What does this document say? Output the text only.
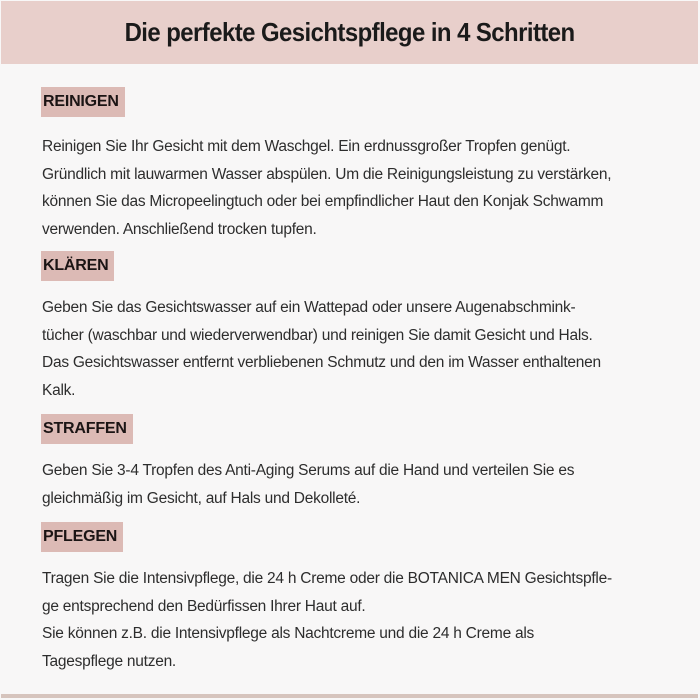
Die perfekte Gesichtspflege in 4 Schritten
REINIGEN

Reinigen Sie Ihr Gesicht mit dem Waschgel. Ein erdnussgroßer Tropfen genügt.
Gründlich mit lauwarmen Wasser abspülen. Um die Reinigungsleistung zu verstärken,
können Sie das Micropeelingtuch oder bei empfindlicher Haut den Konjak Schwamm
verwenden. Anschließend trocken tupfen.

KLÄREN

Geben Sie das Gesichtswasser auf ein Wattepad oder unsere Augenabschmink-
tücher (waschbar und wiederverwendbar) und reinigen Sie damit Gesicht und Hals.
Das Gesichtswasser entfernt verbliebenen Schmutz und den im Wasser enthaltenen
Kalk.

STRAFFEN

Geben Sie 3-4 Tropfen des Anti-Aging Serums auf die Hand und verteilen Sie es
gleichmäßig im Gesicht, auf Hals und Dekolleté.

PFLEGEN

Tragen Sie die Intensivpflege, die 24 h Creme oder die BOTANICA MEN Gesichtspfle-
ge entsprechend den Bedürfissen Ihrer Haut auf.
Sie können z.B. die Intensivpflege als Nachtcreme und die 24 h Creme als
Tagespflege nutzen.
